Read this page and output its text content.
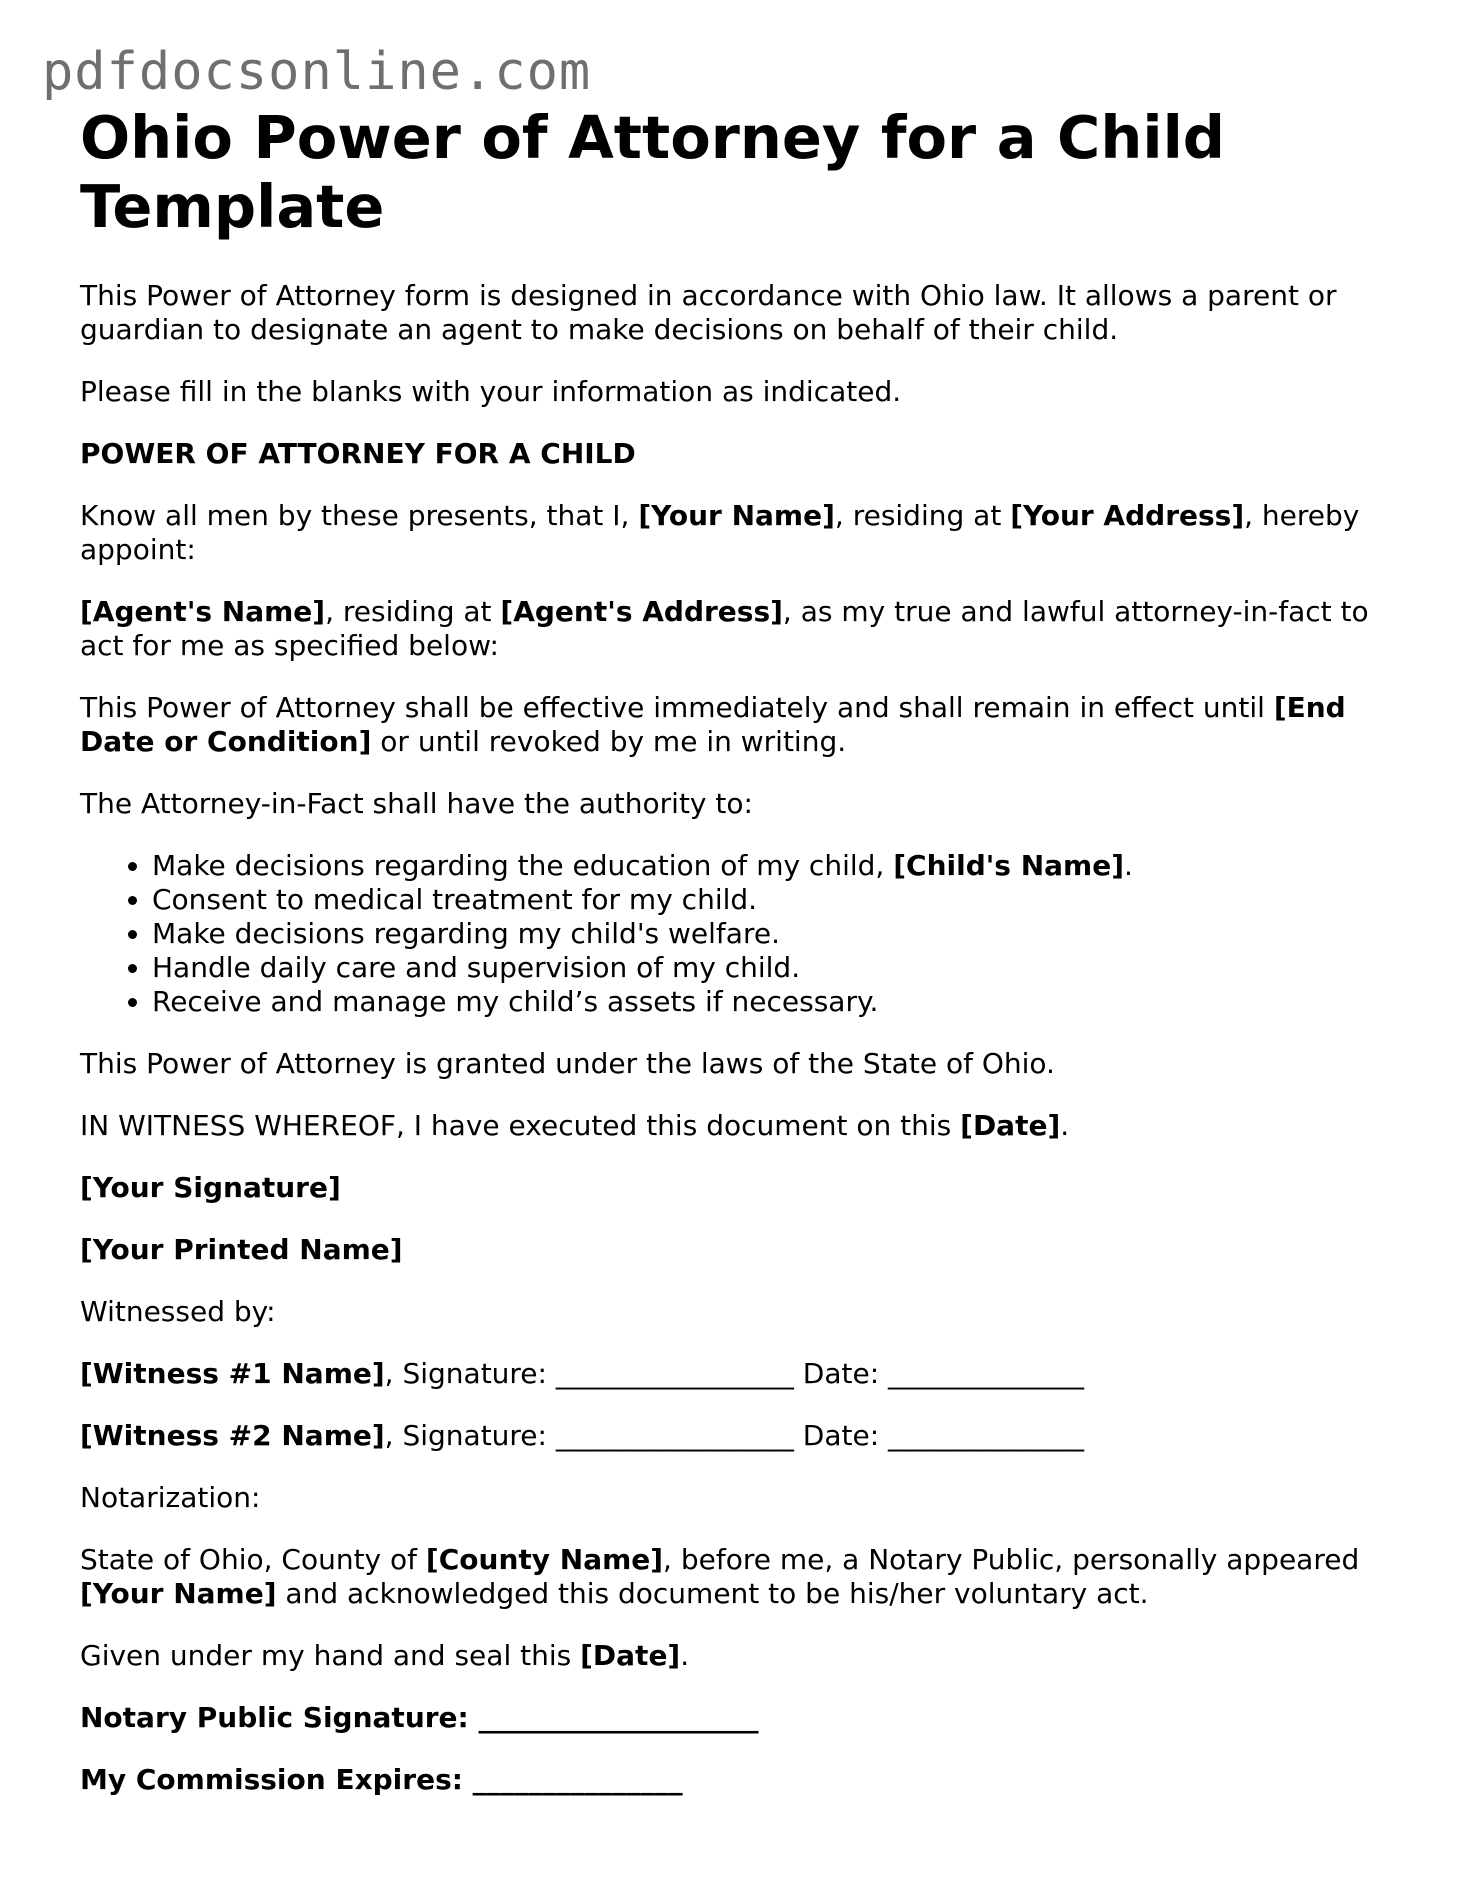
pdfdocsonline.com
Ohio Power of Attorney for a Child Template

This Power of Attorney form is designed in accordance with Ohio law. It allows a parent or guardian to designate an agent to make decisions on behalf of their child.

Please fill in the blanks with your information as indicated.

POWER OF ATTORNEY FOR A CHILD

Know all men by these presents, that I, [Your Name], residing at [Your Address], hereby appoint:

[Agent's Name], residing at [Agent's Address], as my true and lawful attorney-in-fact to act for me as specified below:

This Power of Attorney shall be effective immediately and shall remain in effect until [End Date or Condition] or until revoked by me in writing.

The Attorney-in-Fact shall have the authority to:

• Make decisions regarding the education of my child, [Child's Name].
• Consent to medical treatment for my child.
• Make decisions regarding my child's welfare.
• Handle daily care and supervision of my child.
• Receive and manage my child’s assets if necessary.

This Power of Attorney is granted under the laws of the State of Ohio.

IN WITNESS WHEREOF, I have executed this document on this [Date].

[Your Signature]

[Your Printed Name]

Witnessed by:

[Witness #1 Name], Signature: _________________ Date: ______________

[Witness #2 Name], Signature: _________________ Date: ______________

Notarization:

State of Ohio, County of [County Name], before me, a Notary Public, personally appeared [Your Name] and acknowledged this document to be his/her voluntary act.

Given under my hand and seal this [Date].

Notary Public Signature: ____________________

My Commission Expires: _______________
